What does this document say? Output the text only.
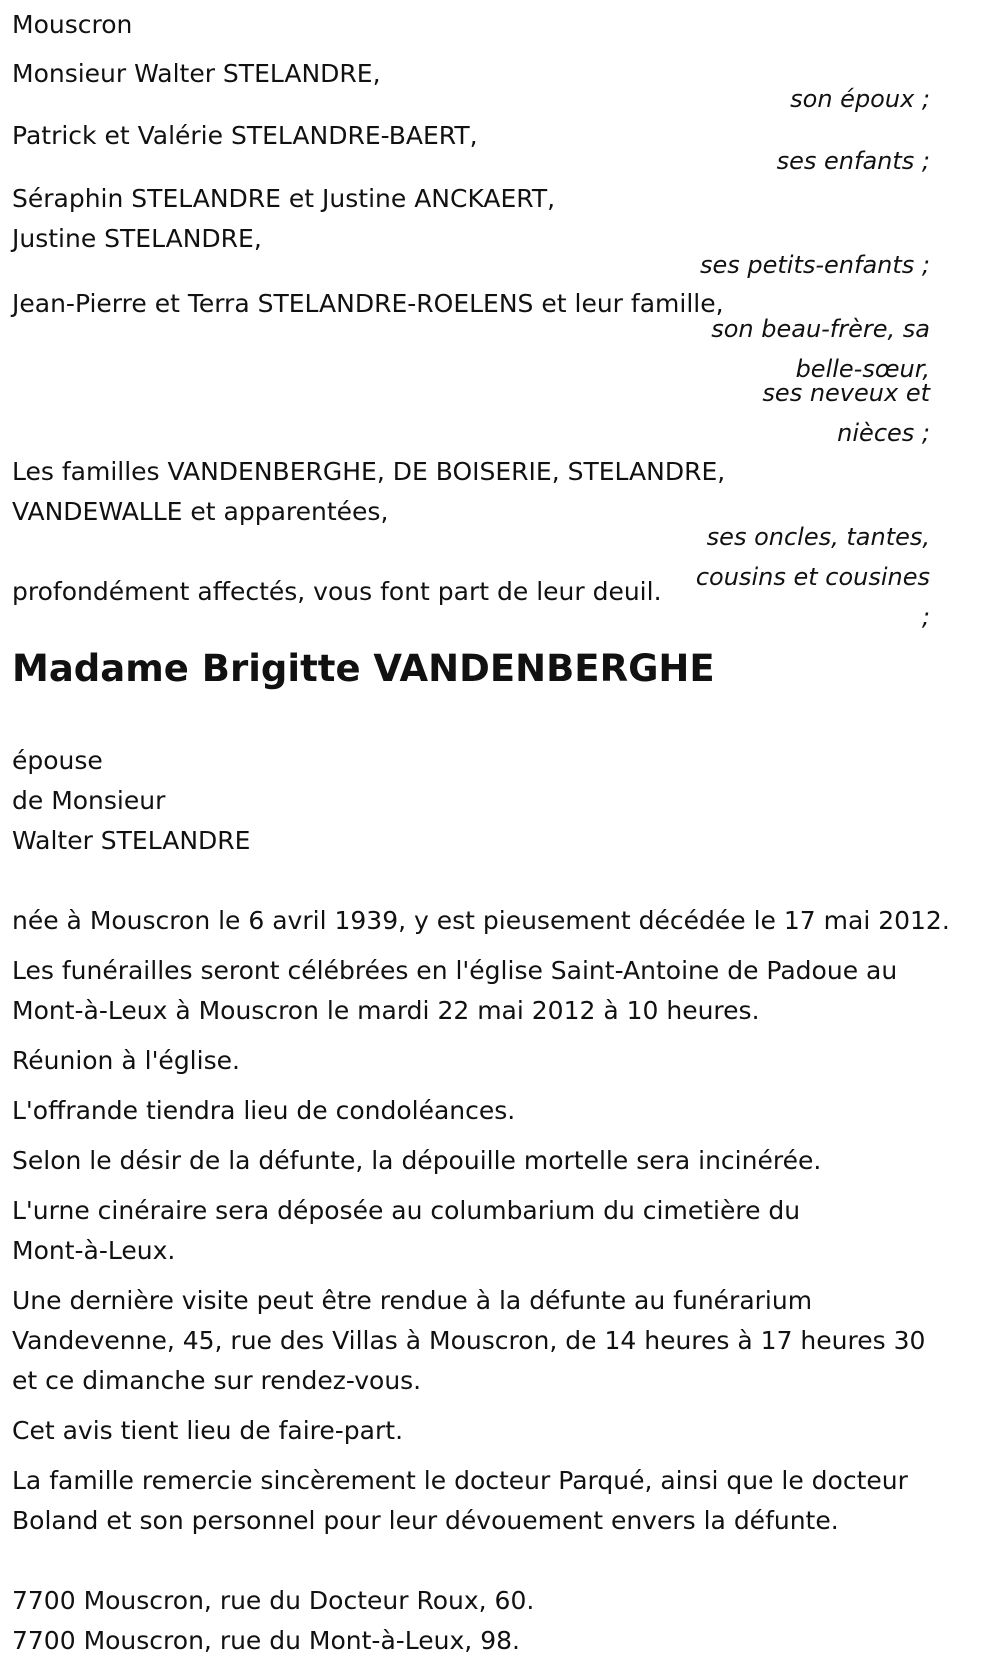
Mouscron
Monsieur Walter STELANDRE,
son époux ;
Patrick et Valérie STELANDRE-BAERT,
ses enfants ;
Séraphin STELANDRE et Justine ANCKAERT,
Justine STELANDRE,
ses petits-enfants ;
Jean-Pierre et Terra STELANDRE-ROELENS et leur famille,
son beau-frère, sa
belle-sœur,
ses neveux et
nièces ;
Les familles VANDENBERGHE, DE BOISERIE, STELANDRE,
VANDEWALLE et apparentées,
ses oncles, tantes,
cousins et cousines
profondément affectés, vous font part de leur deuil.
;
Madame Brigitte VANDENBERGHE
épouse
de Monsieur
Walter STELANDRE
née à Mouscron le 6 avril 1939, y est pieusement décédée le 17 mai 2012.
Les funérailles seront célébrées en l'église Saint-Antoine de Padoue au
Mont-à-Leux à Mouscron le mardi 22 mai 2012 à 10 heures.
Réunion à l'église.
L'offrande tiendra lieu de condoléances.
Selon le désir de la défunte, la dépouille mortelle sera incinérée.
L'urne cinéraire sera déposée au columbarium du cimetière du
Mont-à-Leux.
Une dernière visite peut être rendue à la défunte au funérarium
Vandevenne, 45, rue des Villas à Mouscron, de 14 heures à 17 heures 30
et ce dimanche sur rendez-vous.
Cet avis tient lieu de faire-part.
La famille remercie sincèrement le docteur Parqué, ainsi que le docteur
Boland et son personnel pour leur dévouement envers la défunte.
7700 Mouscron, rue du Docteur Roux, 60.
7700 Mouscron, rue du Mont-à-Leux, 98.
